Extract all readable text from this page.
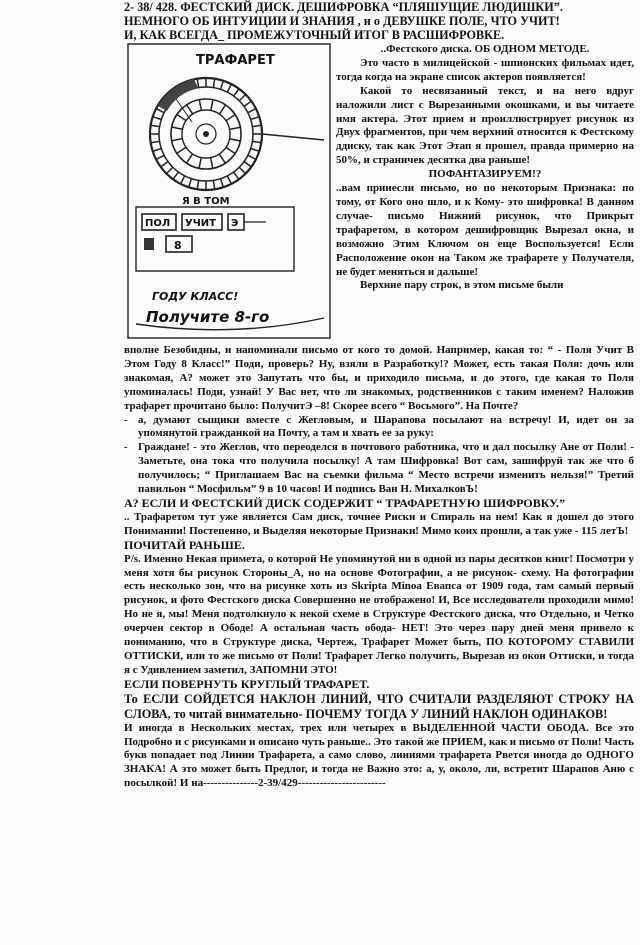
2- 38/ 428. ФЕСТСКИЙ ДИСК. ДЕШИФРОВКА “ПЛЯШУЩИЕ ЛЮДИШКИ”.
НЕМНОГО ОБ ИНТУИЦИИ И ЗНАНИЯ , и о ДЕВУШКЕ ПОЛЕ, ЧТО УЧИТ!
И, КАК ВСЕГДА_ ПРОМЕЖУТОЧНЫЙ ИТОГ В РАСШИФРОВКЕ.
ТРАФАРЕТ
Я В ТОМ
ПОЛ УЧИТ Э
8
ГОДУ КЛАСС!
Получите 8-го

..Фестского диска. ОБ ОДНОМ МЕТОДЕ.

Это часто в милицейской - шпионских фильмах идет, тогда когда на экране список актеров появляется!

Какой то несвязанный текст, и на него вдруг наложили лист с Вырезанными окошками, и вы читаете имя актера. Этот прием и проиллюстрирует рисунок из Двух фрагментов, при чем верхний относится к Фестскому ддиску, так как Этот Этап я прошел, правда примерно на 50%, и страничек десятка два раньше!

ПОФАНТАЗИРУЕМ!?

..вам принесли письмо, но по некоторым Признака: по тому, от Кого оно шло, и к Кому- это шифровка! В данном случае- письмо Нижний рисунок, что Прикрыт трафаретом, в котором дешифровщик Вырезал окна, и возможно Этим Ключом он еще Воспользуется! Если Расположение окон на Таком же трафарете у Получателя, не будет меняться и дальше!

Верхние пару строк, в этом письме были

вполне Безобидны, и напоминали письмо от кого то домой. Например, какая то: “ - Поля Учит В Этом Году 8 Класс!” Поди, проверь? Ну, взяли в Разработку!? Может, есть такая Поля: дочь или знакомая, А? может это Запутать что бы, и приходило письма, и до этого, где какая то Поля упоминалась! Поди, узнай! У Вас нет, что ли знакомых, родственников с таким именем? Наложив трафарет прочитано было: ПолучитЭ –8! Скорее всего “ Восьмого”. На Почте?

- а, думают сыщики вместе с Жегловым, и Шарапова посылают на встречу! И, идет он за упомянутой гражданкой на Почту, а там и хвать ее за руку:

- Граждане! - это Жеглов, что переоделся в почтового работника, что и дал посылку Ане от Поли! - Заметьте, она тока что получила посылку! А там Шифровка! Вот сам, зашифруй так же что б получилось; “ Приглашаем Вас на съемки фильма “ Место встречи изменить нельзя!” Третий павильон “ Мосфильм” 9 в 10 часов! И подпись Ван Н. МихалковЪ!

А? ЕСЛИ И ФЕСТСКИЙ ДИСК СОДЕРЖИТ “ ТРАФАРЕТНУЮ ШИФРОВКУ.”

.. Трафаретом тут уже является Сам диск, точнее Риски и Спираль на нем! Как я дошел до этого Понимании! Постепенно, и Выделяя некоторые Признаки! Мимо коих прошли, а так уже - 115 летЪ!

ПОЧИТАЙ РАНЬШЕ.

P/s. Именно Некая примета, о которой Не упомянутой ни в одной из пары десятков книг! Посмотри у меня хотя бы рисунок Стороны_А, но на основе Фотографии, а не рисунок- схему. На фотографии есть несколько зон, что на рисунке хоть из Skripta Minoa Евапса от 1909 года, там самый первый рисунок, и фото Фестского диска Совершенно не отображено! И, Все исследователи проходили мимо! Но не я, мы! Меня подтолкнуло к некой схеме в Структуре Фестского диска, что Отдельно, и Четко очерчен сектор в Ободе! А остальная часть обода- НЕТ! Это через пару дней меня привело к пониманию, что в Структуре диска, Чертеж, Трафарет Может быть, ПО КОТОРОМУ СТАВИЛИ ОТТИСКИ, или то же письмо от Поли! Трафарет Легко получить, Вырезав из окон Оттиски, и тогда я с Удивлением заметил, ЗАПОМНИ ЭТО!

ЕСЛИ ПОВЕРНУТЬ КРУГЛЫЙ ТРАФАРЕТ.

То ЕСЛИ СОЙДЕТСЯ НАКЛОН ЛИНИЙ, ЧТО СЧИТАЛИ РАЗДЕЛЯЮТ СТРОКУ НА СЛОВА, то читай внимательно- ПОЧЕМУ ТОГДА У ЛИНИЙ НАКЛОН ОДИНАКОВ!

И иногда в Нескольких местах, трех или четырех в ВЫДЕЛЕННОЙ ЧАСТИ ОБОДА. Все это Подробно и с рисунками и описано чуть раньше.. Это такой же ПРИЕМ, как и письмо от Поли! Часть букв попадает под Линии Трафарета, а само слово, линиями трафарета Рвется иногда до ОДНОГО ЗНАКА! А это может быть Предлог, и тогда не Важно это: а, у, около, ли, встретит Шарапов Аню с посылкой! И на---------------2-39/429------------------------
